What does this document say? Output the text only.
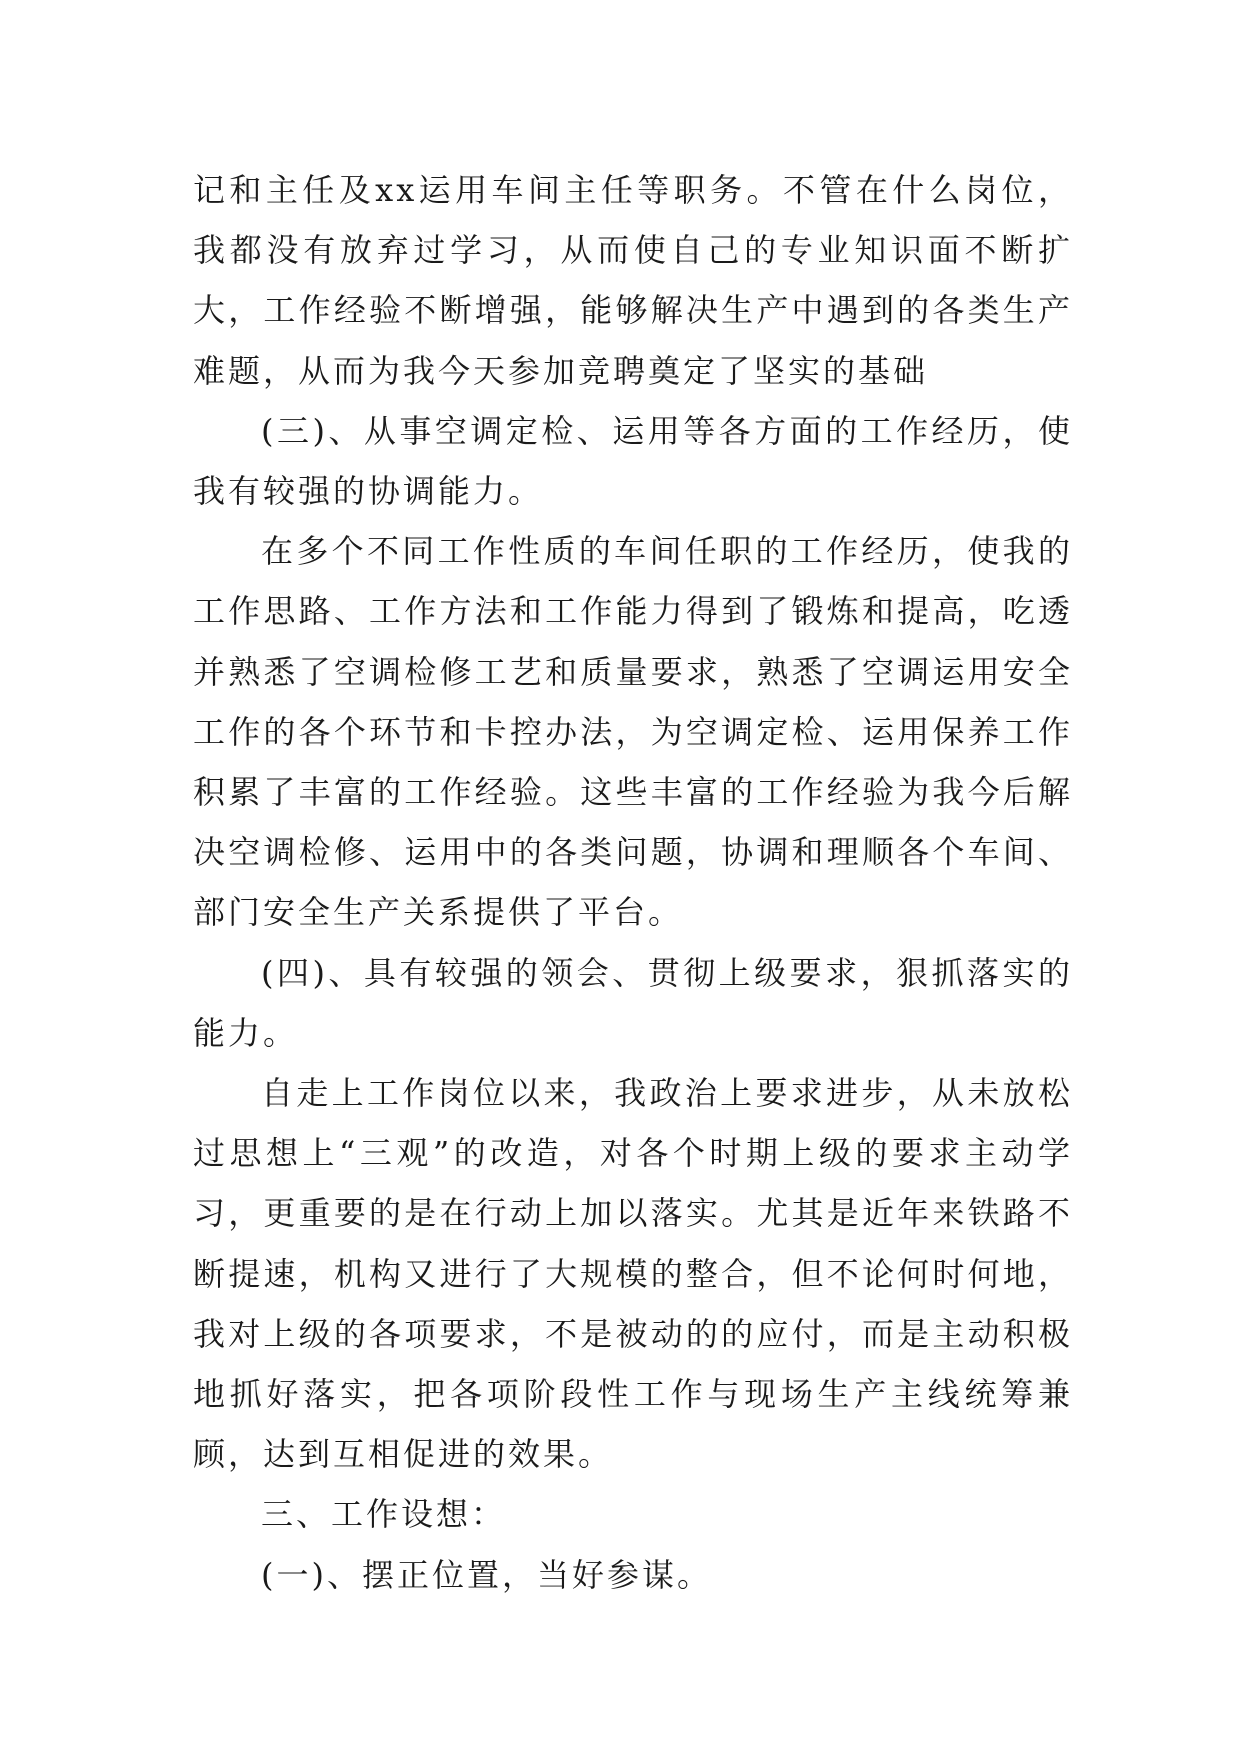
记和主任及xx运用车间主任等职务。不管在什么岗位，我都没有放弃过学习，从而使自己的专业知识面不断扩大，工作经验不断增强，能够解决生产中遇到的各类生产难题，从而为我今天参加竞聘奠定了坚实的基础

(三)、从事空调定检、运用等各方面的工作经历，使我有较强的协调能力。

在多个不同工作性质的车间任职的工作经历，使我的工作思路、工作方法和工作能力得到了锻炼和提高，吃透并熟悉了空调检修工艺和质量要求，熟悉了空调运用安全工作的各个环节和卡控办法，为空调定检、运用保养工作积累了丰富的工作经验。这些丰富的工作经验为我今后解决空调检修、运用中的各类问题，协调和理顺各个车间、部门安全生产关系提供了平台。

(四)、具有较强的领会、贯彻上级要求，狠抓落实的能力。

自走上工作岗位以来，我政治上要求进步，从未放松过思想上“三观”的改造，对各个时期上级的要求主动学习，更重要的是在行动上加以落实。尤其是近年来铁路不断提速，机构又进行了大规模的整合，但不论何时何地，我对上级的各项要求，不是被动的的应付，而是主动积极地抓好落实，把各项阶段性工作与现场生产主线统筹兼顾，达到互相促进的效果。

三、工作设想：

(一)、摆正位置，当好参谋。
